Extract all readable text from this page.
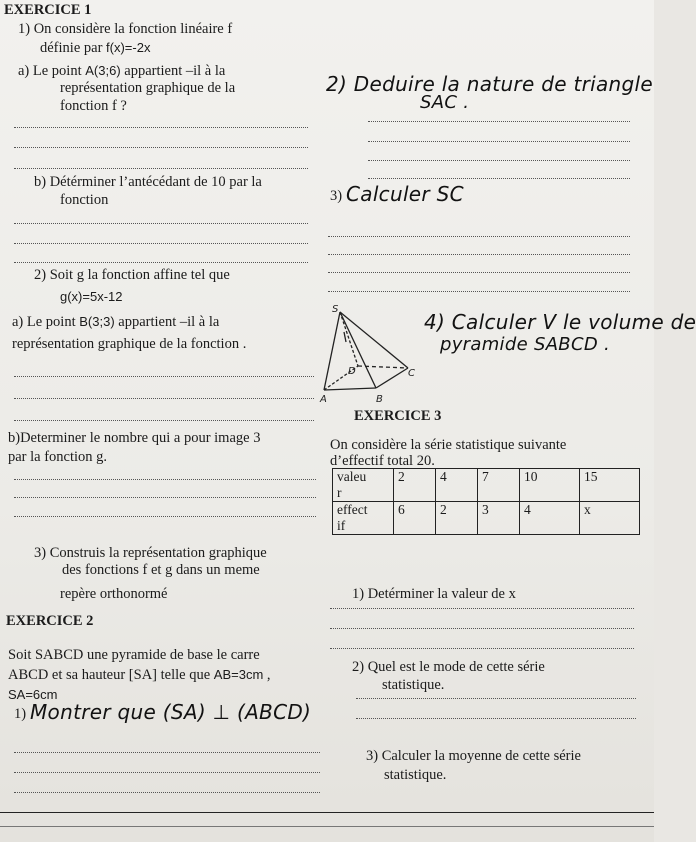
EXERCICE 1
1) On considère la fonction linéaire f
définie par f(x)=-2x
a) Le point A(3;6) appartient –il à la
représentation graphique de la
fonction f ?
b) Détérminer l’antécédant de 10 par la
fonction
2) Soit g la fonction affine tel que
g(x)=5x-12
a) Le point B(3;3) appartient –il à la
représentation graphique de la fonction .
b)Determiner le nombre qui a pour image 3
par la fonction g.
3) Construis la représentation graphique
des fonctions f et g dans un meme
repère orthonormé
EXERCICE 2
Soit SABCD une pyramide de base le carre
ABCD et sa hauteur [SA] telle que AB=3cm ,
SA=6cm
1) Montrer que (SA) ⊥ (ABCD)
2) Deduire la nature de triangle
SAC .
3) Calculer SC
S
A	B
C
D
4) Calculer V le volume de
pyramide SABCD .
EXERCICE 3
On considère la série statistique suivante
d’effectif total 20.
valeu
r	2	4	7	10	15
effect
if	6	2	3	4	x
1) Detérminer la valeur de x
2) Quel est le mode de cette série
statistique.
3) Calculer la moyenne de cette série
statistique.
